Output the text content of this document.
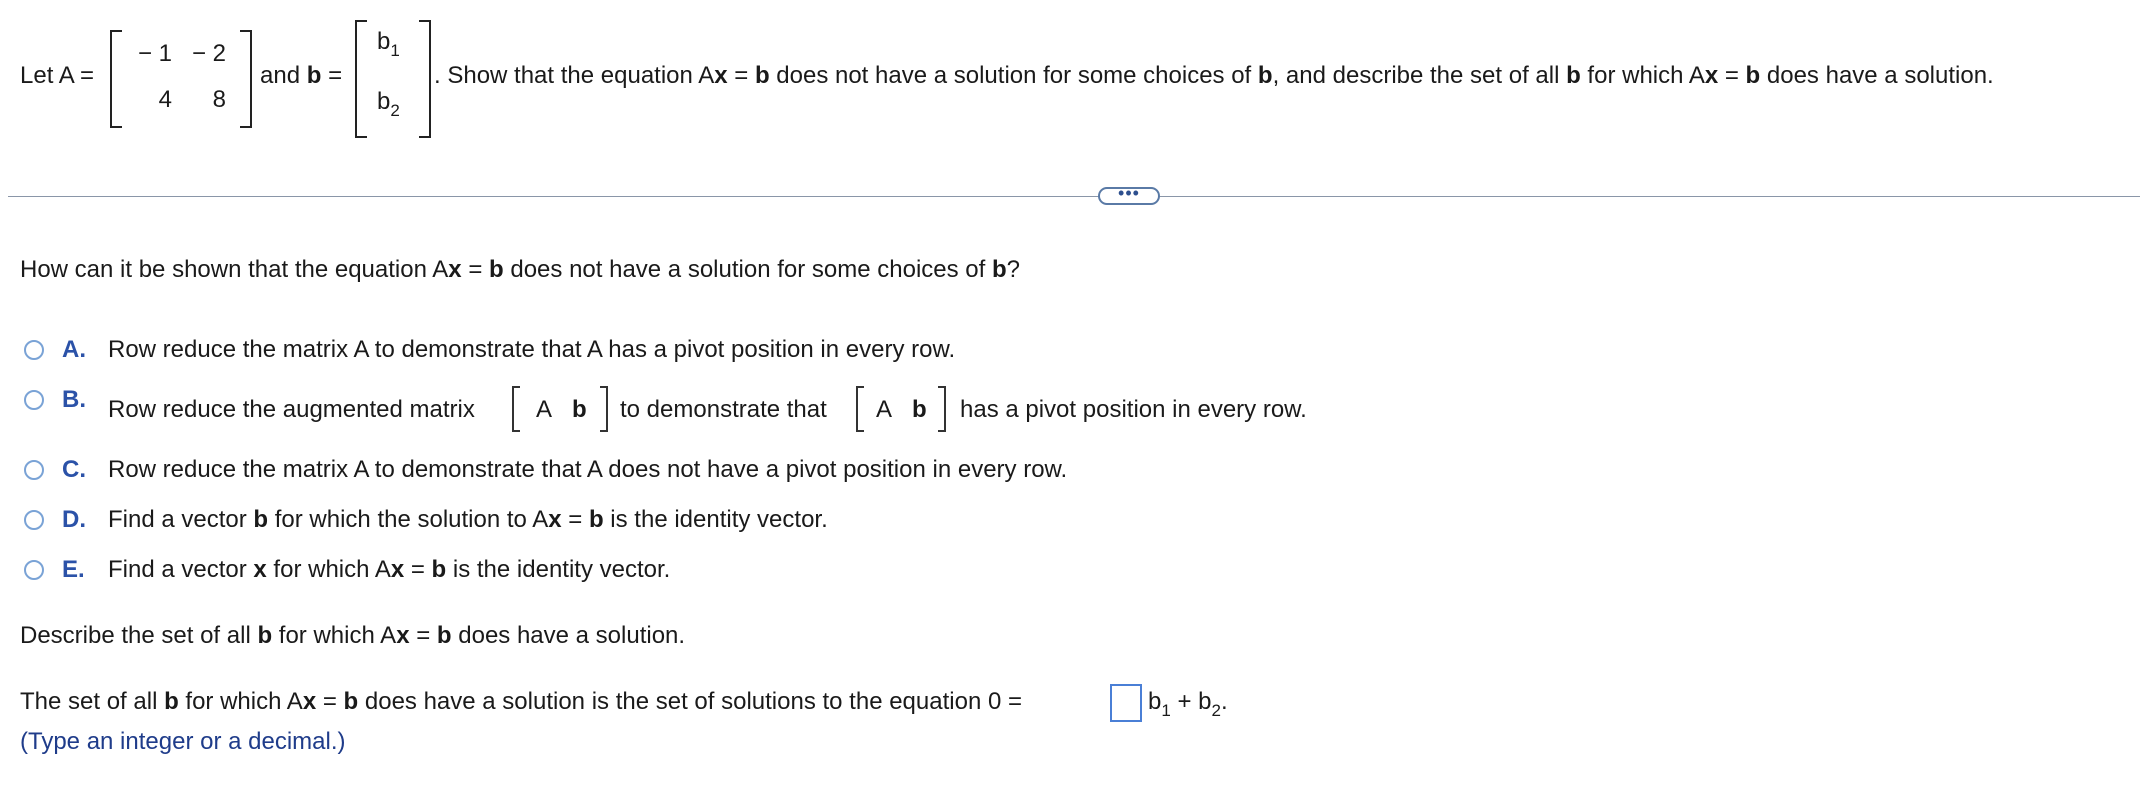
Let A =
− 1 − 2
4	8
and b =
$b_1$
$b_2$
. Show that the equation Ax = b does not have a solution for some choices of b, and describe the set of all b for which Ax = b does have a solution.
•••
How can it be shown that the equation Ax = b does not have a solution for some choices of b?
A. Row reduce the matrix A to demonstrate that A has a pivot position in every row.
B. Row reduce the augmented matrix	A b to demonstrate that A b has a pivot position in every row.
C. Row reduce the matrix A to demonstrate that A does not have a pivot position in every row.
D. Find a vector b for which the solution to Ax = b is the identity vector.
E. Find a vector x for which Ax = b is the identity vector.
Describe the set of all b for which Ax = b does have a solution.
The set of all b for which Ax = b does have a solution is the set of solutions to the equation 0 =	$b_1 + b_2$.
(Type an integer or a decimal.)
